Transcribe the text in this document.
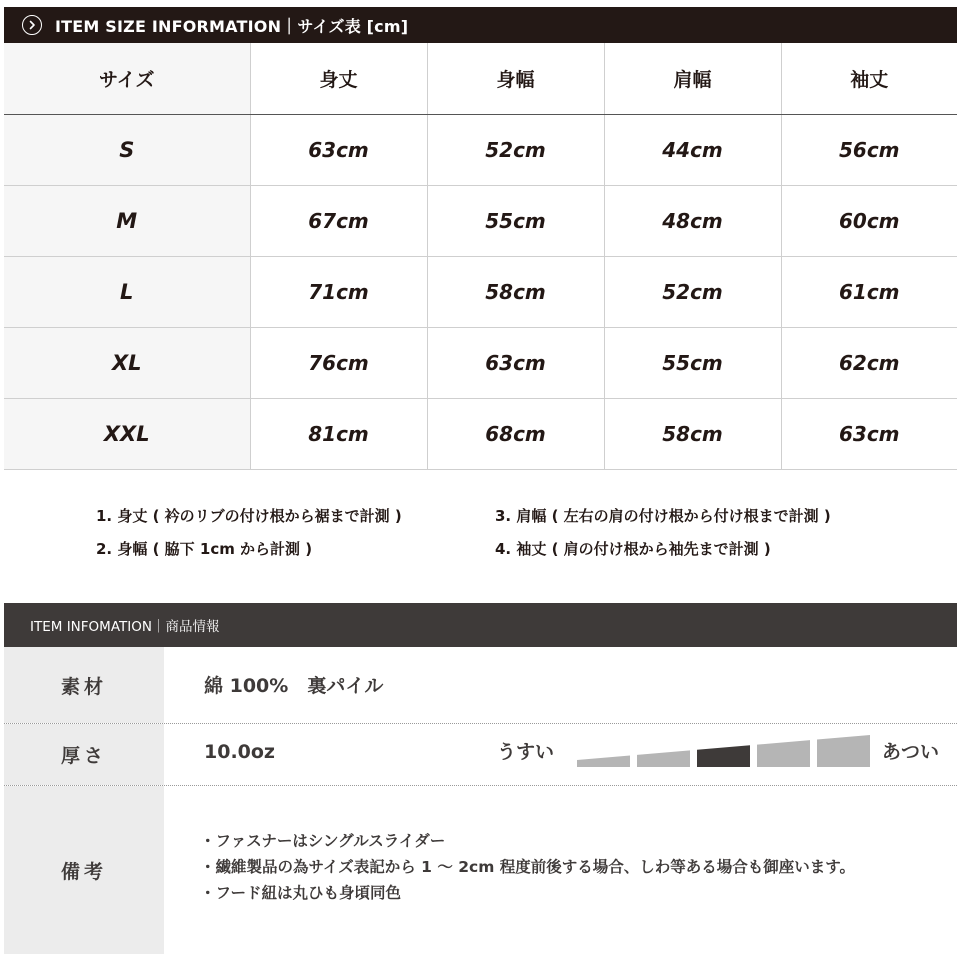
ITEM SIZE INFORMATION｜サイズ表 [cm]
サイズ	身丈	身幅	肩幅	袖丈
S	63cm	52cm	44cm	56cm
M	67cm	55cm	48cm	60cm
L	71cm	58cm	52cm	61cm
XL	76cm	63cm	55cm	62cm
XXL	81cm	68cm	58cm	63cm
1. 身丈 ( 衿のリブの付け根から裾まで計測 )
2. 身幅 ( 脇下 1cm から計測 )
3. 肩幅 ( 左右の肩の付け根から付け根まで計測 )
4. 袖丈 ( 肩の付け根から袖先まで計測 )
ITEM INFOMATION｜商品情報
素材	綿 100%　裏パイル
厚さ	10.0oz	うすい	あつい
備考
・ファスナーはシングルスライダー
・繊維製品の為サイズ表記から 1 ～ 2cm 程度前後する場合、しわ等ある場合も御座います。
・フード紐は丸ひも身頃同色
